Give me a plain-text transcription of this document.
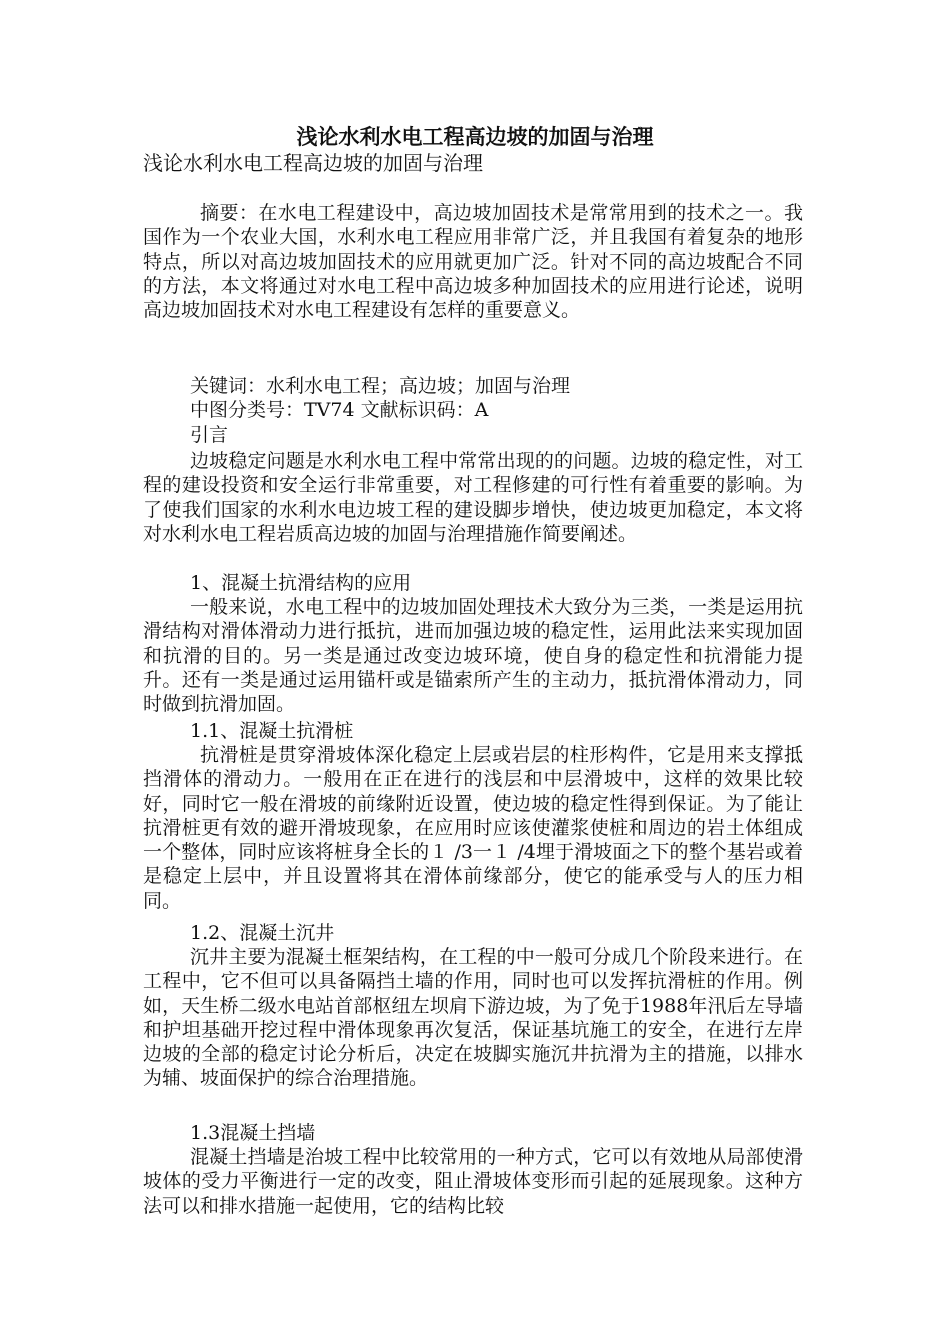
浅论水利水电工程高边坡的加固与治理
浅论水利水电工程高边坡的加固与治理

摘要：在水电工程建设中，高边坡加固技术是常常用到的技术之一。我国作为一个农业大国，水利水电工程应用非常广泛，并且我国有着复杂的地形特点，所以对高边坡加固技术的应用就更加广泛。针对不同的高边坡配合不同的方法，本文将通过对水电工程中高边坡多种加固技术的应用进行论述，说明高边坡加固技术对水电工程建设有怎样的重要意义。

关键词：水利水电工程；高边坡；加固与治理
中图分类号：TV74 文献标识码：A
引言

边坡稳定问题是水利水电工程中常常出现的的问题。边坡的稳定性，对工程的建设投资和安全运行非常重要，对工程修建的可行性有着重要的影响。为了使我们国家的水利水电边坡工程的建设脚步增快，使边坡更加稳定，本文将对水利水电工程岩质高边坡的加固与治理措施作简要阐述。

1、混凝土抗滑结构的应用

一般来说，水电工程中的边坡加固处理技术大致分为三类，一类是运用抗滑结构对滑体滑动力进行抵抗，进而加强边坡的稳定性，运用此法来实现加固和抗滑的目的。另一类是通过改变边坡环境，使自身的稳定性和抗滑能力提升。还有一类是通过运用锚杆或是锚索所产生的主动力，抵抗滑体滑动力，同时做到抗滑加固。

1.1、混凝土抗滑桩

抗滑桩是贯穿滑坡体深化稳定上层或岩层的柱形构件，它是用来支撑抵挡滑体的滑动力。一般用在正在进行的浅层和中层滑坡中，这样的效果比较好，同时它一般在滑坡的前缘附近设置，使边坡的稳定性得到保证。为了能让抗滑桩更有效的避开滑坡现象，在应用时应该使灌浆使桩和周边的岩土体组成一个整体，同时应该将桩身全长的１ /3一１ /4埋于滑坡面之下的整个基岩或着是稳定上层中，并且设置将其在滑体前缘部分，使它的能承受与人的压力相同。

1.2、混凝土沉井

沉井主要为混凝土框架结构，在工程的中一般可分成几个阶段来进行。在工程中，它不但可以具备隔挡土墙的作用，同时也可以发挥抗滑桩的作用。例如，天生桥二级水电站首部枢纽左坝肩下游边坡，为了免于1988年汛后左导墙和护坦基础开挖过程中滑体现象再次复活，保证基坑施工的安全，在进行左岸边坡的全部的稳定讨论分析后，决定在坡脚实施沉井抗滑为主的措施，以排水为辅、坡面保护的综合治理措施。

1.3混凝土挡墙

混凝土挡墙是治坡工程中比较常用的一种方式，它可以有效地从局部使滑坡体的受力平衡进行一定的改变，阻止滑坡体变形而引起的延展现象。这种方法可以和排水措施一起使用，它的结构比较
